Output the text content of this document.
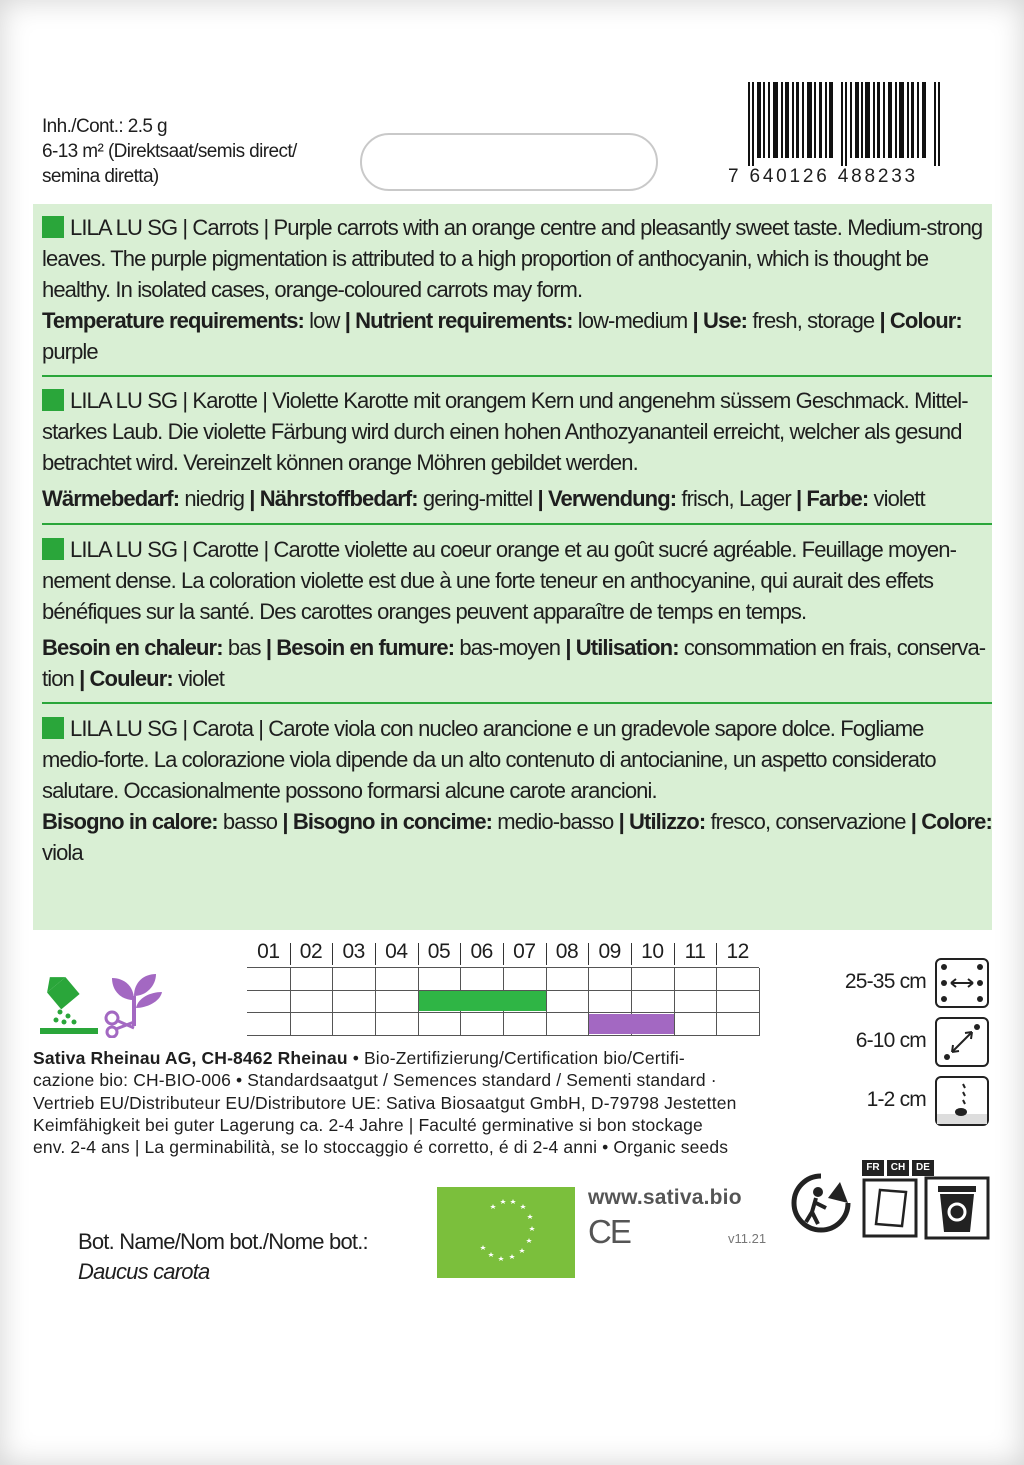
Inh./Cont.: 2.5 g
6-13 m² (Direktsaat/semis direct/
semina diretta)	7 640126 488233
LILA LU SG | Carrots | Purple carrots with an orange centre and pleasantly sweet taste. Medium-strong
leaves. The purple pigmentation is attributed to a high proportion of anthocyanin, which is thought be
healthy. In isolated cases, orange-coloured carrots may form.
Temperature requirements: low | Nutrient requirements: low-medium | Use: fresh, storage | Colour:
purple
LILA LU SG | Karotte | Violette Karotte mit orangem Kern und angenehm süssem Geschmack. Mittel-
starkes Laub. Die violette Färbung wird durch einen hohen Anthozyananteil erreicht, welcher als gesund
betrachtet wird. Vereinzelt können orange Möhren gebildet werden.
Wärmebedarf: niedrig | Nährstoffbedarf: gering-mittel | Verwendung: frisch, Lager | Farbe: violett
LILA LU SG | Carotte | Carotte violette au coeur orange et au goût sucré agréable. Feuillage moyen-
nement dense. La coloration violette est due à une forte teneur en anthocyanine, qui aurait des effets
bénéfiques sur la santé. Des carottes oranges peuvent apparaître de temps en temps.
Besoin en chaleur: bas | Besoin en fumure: bas-moyen | Utilisation: consommation en frais, conserva-
tion | Couleur: violet
LILA LU SG | Carota | Carote viola con nucleo arancione e un gradevole sapore dolce. Fogliame
medio-forte. La colorazione viola dipende da un alto contenuto di antocianine, un aspetto considerato
salutare. Occasionalmente possono formarsi alcune carote arancioni.
Bisogno in calore: basso | Bisogno in concime: medio-basso | Utilizzo: fresco, conservazione | Colore:
viola
01 02 03 04 05 06 07 08 09 10	11	12
25-35 cm
6-10 cm
1-2 cm
Sativa Rheinau AG, CH-8462 Rheinau • Bio-Zertifizierung/Certification bio/Certifi-
cazione bio: CH-BIO-006 • Standardsaatgut / Semences standard / Sementi standard ·
Vertrieb EU/Distributeur EU/Distributore UE: Sativa Biosaatgut GmbH, D-79798 Jestetten
Keimfähigkeit bei guter Lagerung ca. 2-4 Jahre | Faculté germinative si bon stockage
env. 2-4 ans | La germinabilità, se lo stoccaggio é corretto, é di 2-4 anni • Organic seeds
www.sativa.bio
CE	v11.21
Bot. Name/Nom bot./Nome bot.:
Daucus carota
FR	CH	DE
